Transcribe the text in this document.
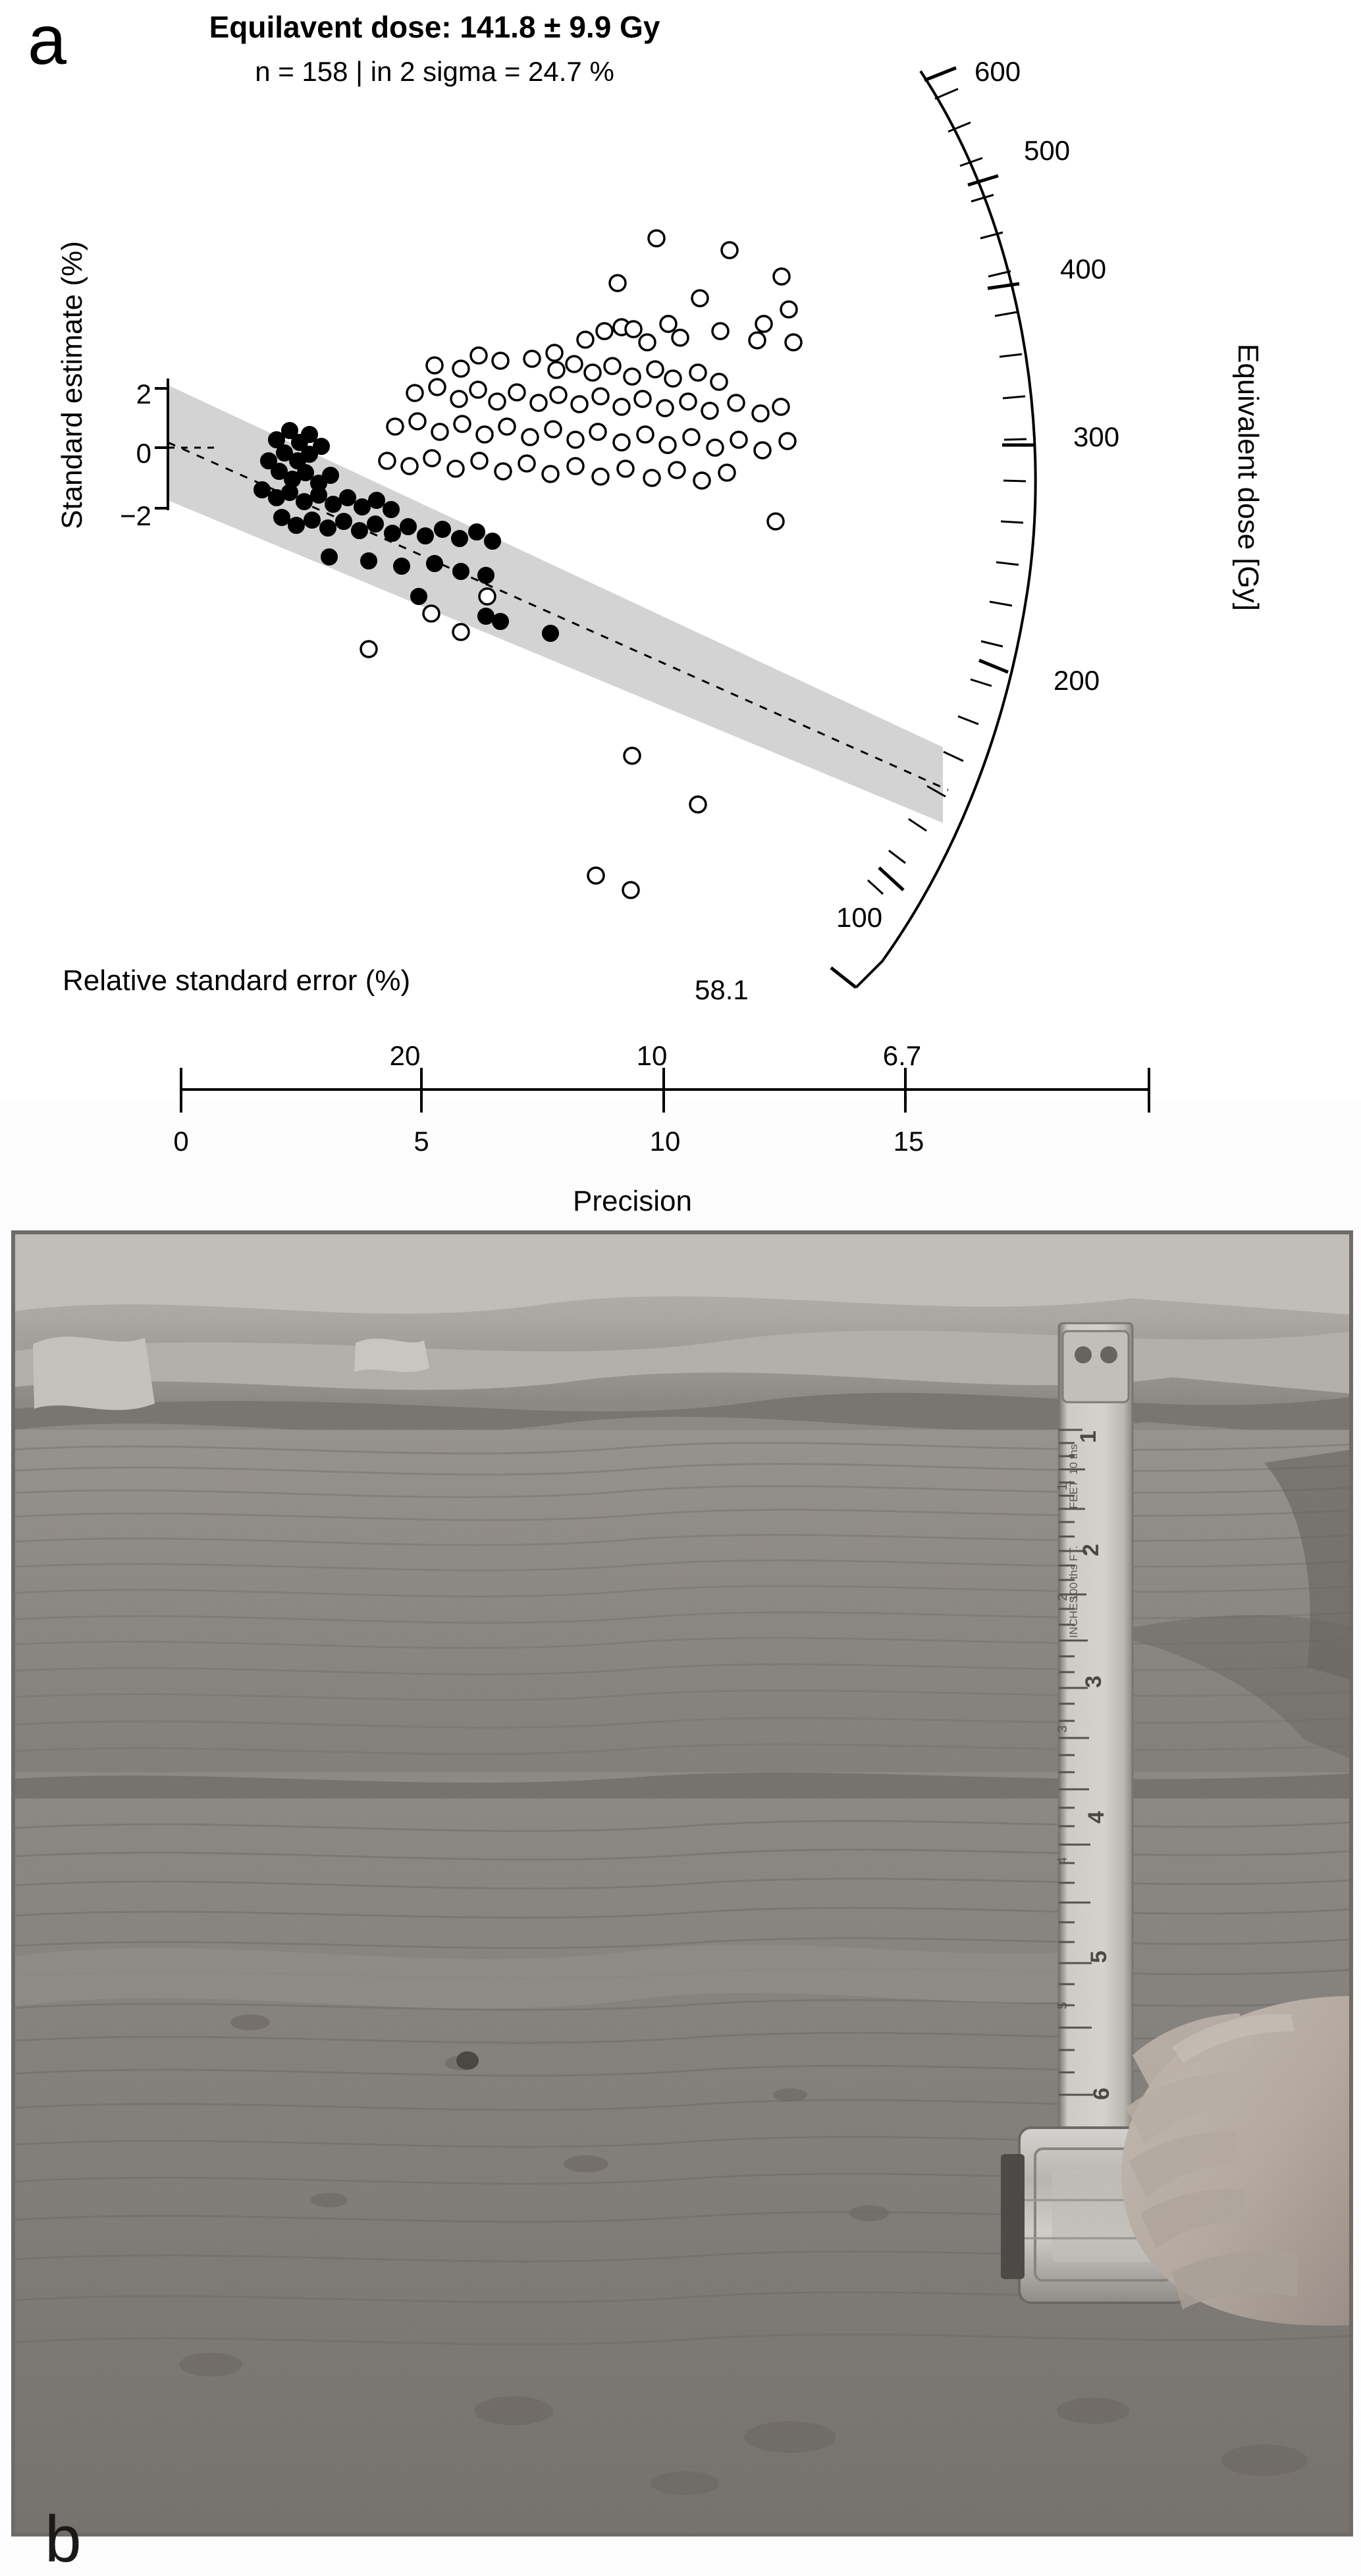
a	Equilavent dose: 141.8 ± 9.9 Gy
n = 158 | in 2 sigma = 24.7 %
Standard estimate (%)	Equivalent dose [Gy]
Relative standard error (%)
Precision
20	10	6.7
0	5	10	15
2
0
−2
600
500
400
300
200
100
58.1
b
1
2
3
4
5
6
1
2
3
4
5
FEET
10 ths
INCHES
100 ths FT.
